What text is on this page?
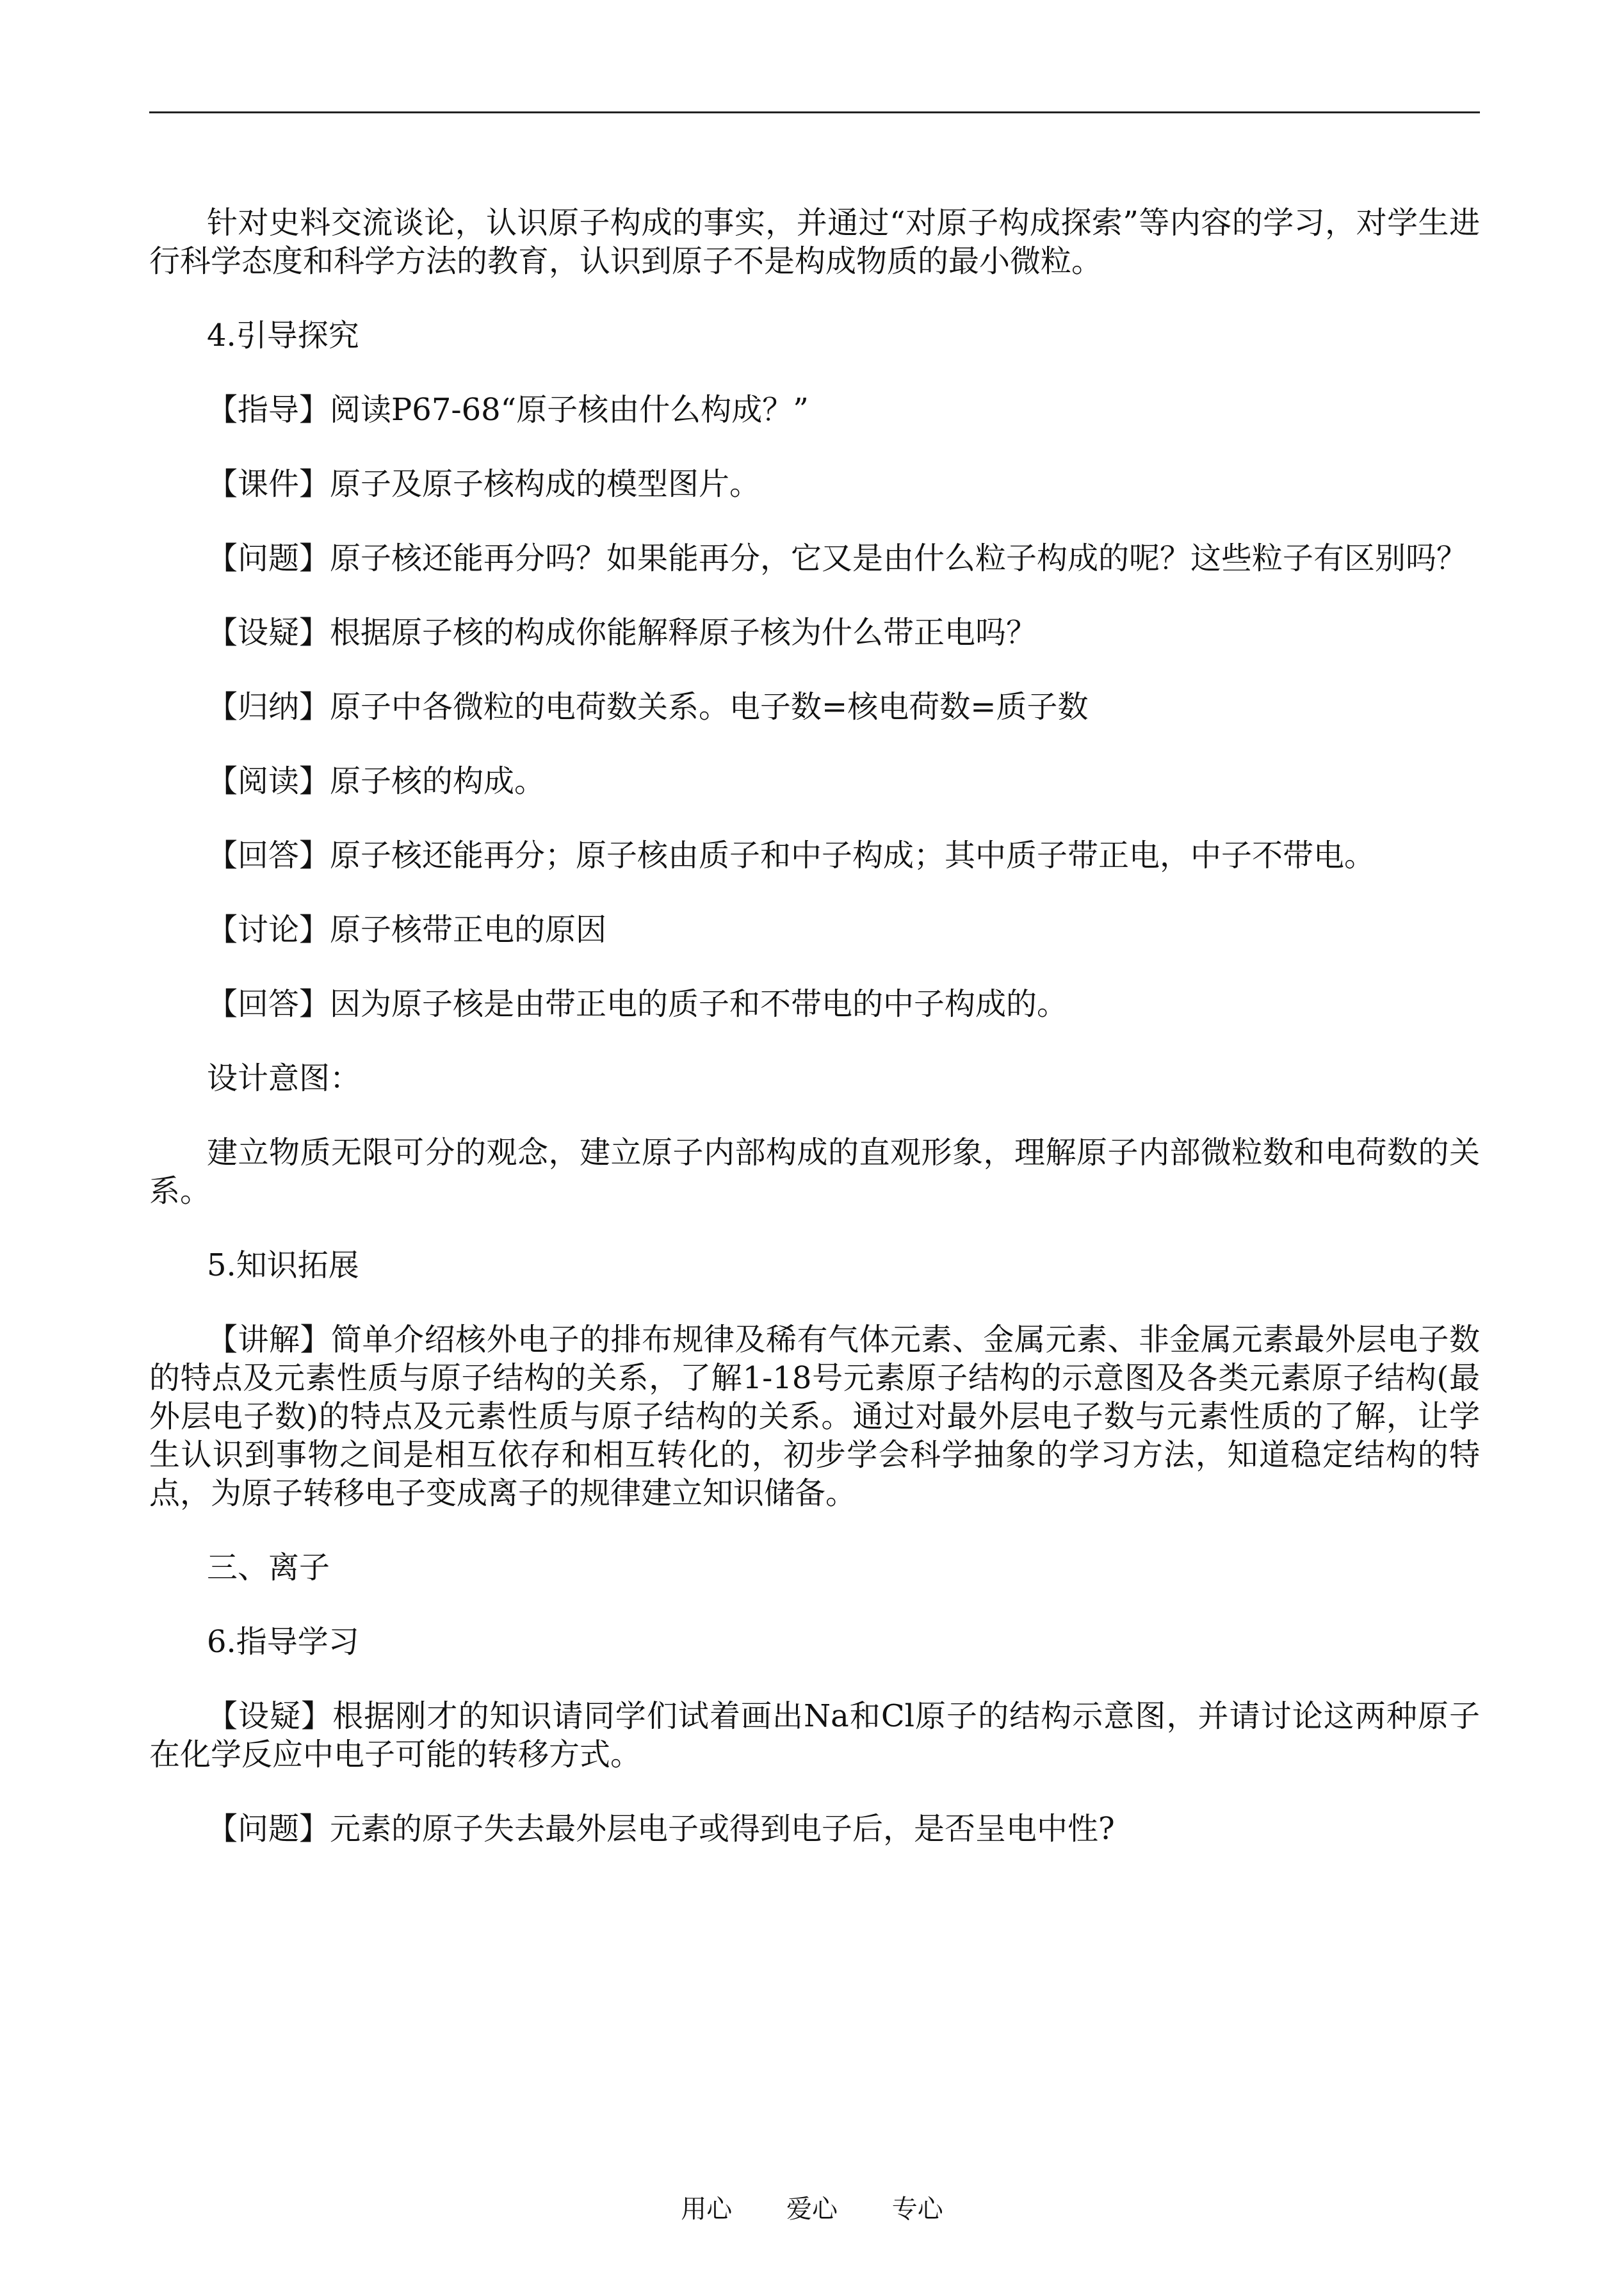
针对史料交流谈论，认识原子构成的事实，并通过“对原子构成探索”等内容的学习，对学生进行科学态度和科学方法的教育，认识到原子不是构成物质的最小微粒。

4.引导探究

【指导】阅读P67-68“原子核由什么构成？”

【课件】原子及原子核构成的模型图片。

【问题】原子核还能再分吗？如果能再分，它又是由什么粒子构成的呢？这些粒子有区别吗？

【设疑】根据原子核的构成你能解释原子核为什么带正电吗？

【归纳】原子中各微粒的电荷数关系。电子数=核电荷数=质子数

【阅读】原子核的构成。

【回答】原子核还能再分；原子核由质子和中子构成；其中质子带正电，中子不带电。

【讨论】原子核带正电的原因

【回答】因为原子核是由带正电的质子和不带电的中子构成的。

设计意图：

建立物质无限可分的观念，建立原子内部构成的直观形象，理解原子内部微粒数和电荷数的关系。

5.知识拓展

【讲解】简单介绍核外电子的排布规律及稀有气体元素、金属元素、非金属元素最外层电子数的特点及元素性质与原子结构的关系，了解1-18号元素原子结构的示意图及各类元素原子结构(最外层电子数)的特点及元素性质与原子结构的关系。通过对最外层电子数与元素性质的了解，让学生认识到事物之间是相互依存和相互转化的，初步学会科学抽象的学习方法，知道稳定结构的特点，为原子转移电子变成离子的规律建立知识储备。

三、离子

6.指导学习

【设疑】根据刚才的知识请同学们试着画出Na和Cl原子的结构示意图，并请讨论这两种原子在化学反应中电子可能的转移方式。

【问题】元素的原子失去最外层电子或得到电子后，是否呈电中性?

用心 爱心 专心
